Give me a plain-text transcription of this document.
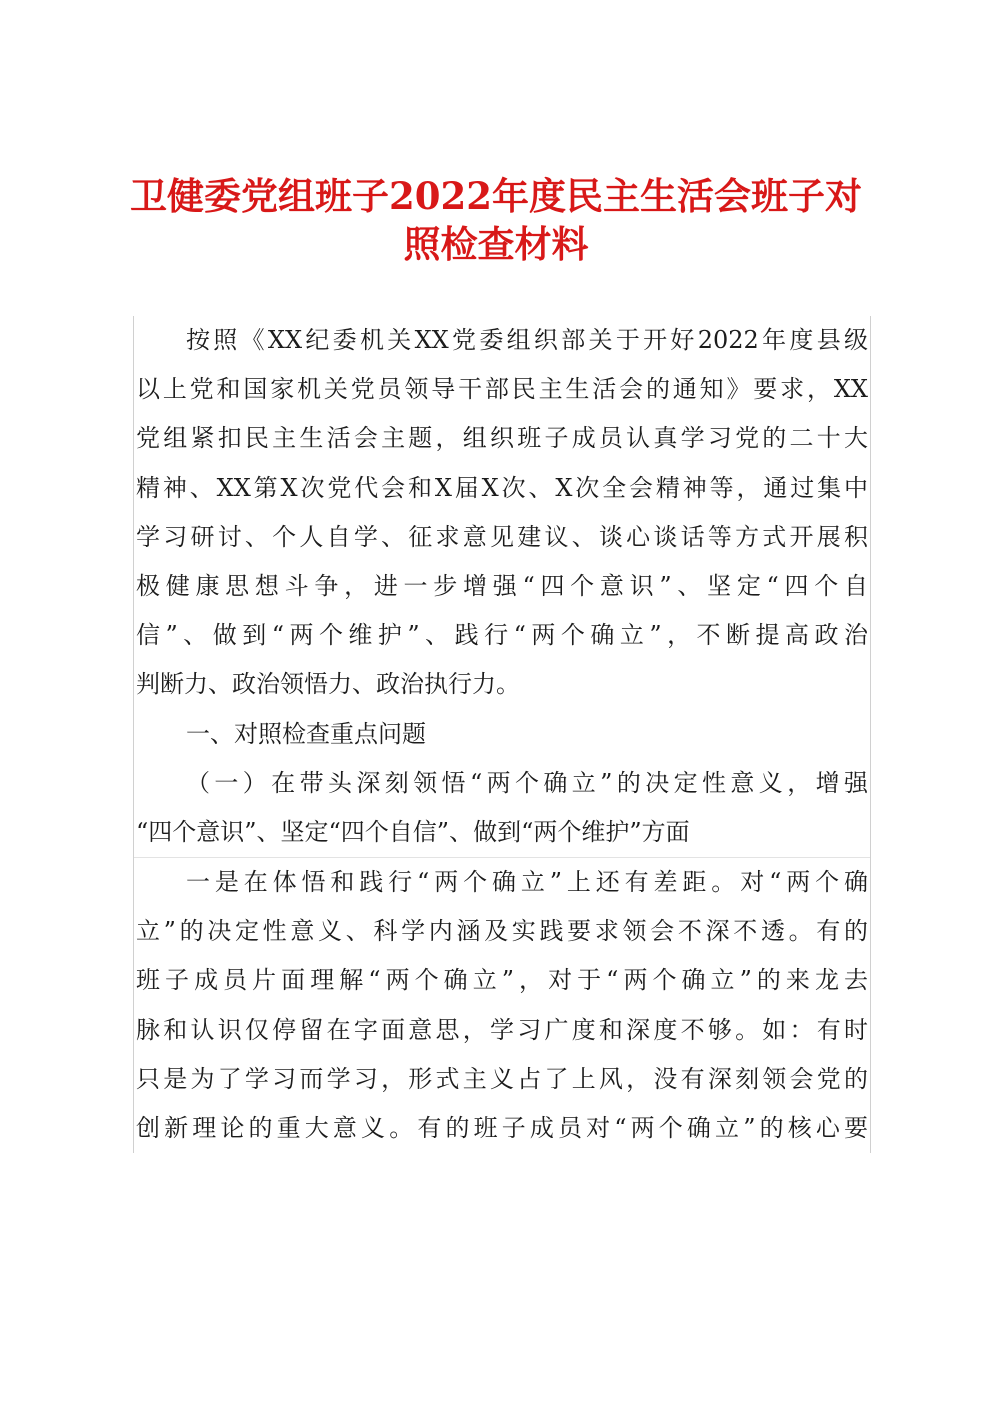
卫健委党组班子2022年度民主生活会班子对
照检查材料
按照《XX纪委机关XX党委组织部关于开好2022年度县级
以上党和国家机关党员领导干部民主生活会的通知》要求，XX
党组紧扣民主生活会主题，组织班子成员认真学习党的二十大
精神、XX第X次党代会和X届X次、X次全会精神等，通过集中
学习研讨、个人自学、征求意见建议、谈心谈话等方式开展积
极健康思想斗争，进一步增强“四个意识”、坚定“四个自
信”、做到“两个维护”、践行“两个确立”，不断提高政治
判断力、政治领悟力、政治执行力。
一、对照检查重点问题
（一）在带头深刻领悟“两个确立”的决定性意义，增强
“四个意识”、坚定“四个自信”、做到“两个维护”方面
一是在体悟和践行“两个确立”上还有差距。对“两个确
立”的决定性意义、科学内涵及实践要求领会不深不透。有的
班子成员片面理解“两个确立”，对于“两个确立”的来龙去
脉和认识仅停留在字面意思，学习广度和深度不够。如：有时
只是为了学习而学习，形式主义占了上风，没有深刻领会党的
创新理论的重大意义。有的班子成员对“两个确立”的核心要
